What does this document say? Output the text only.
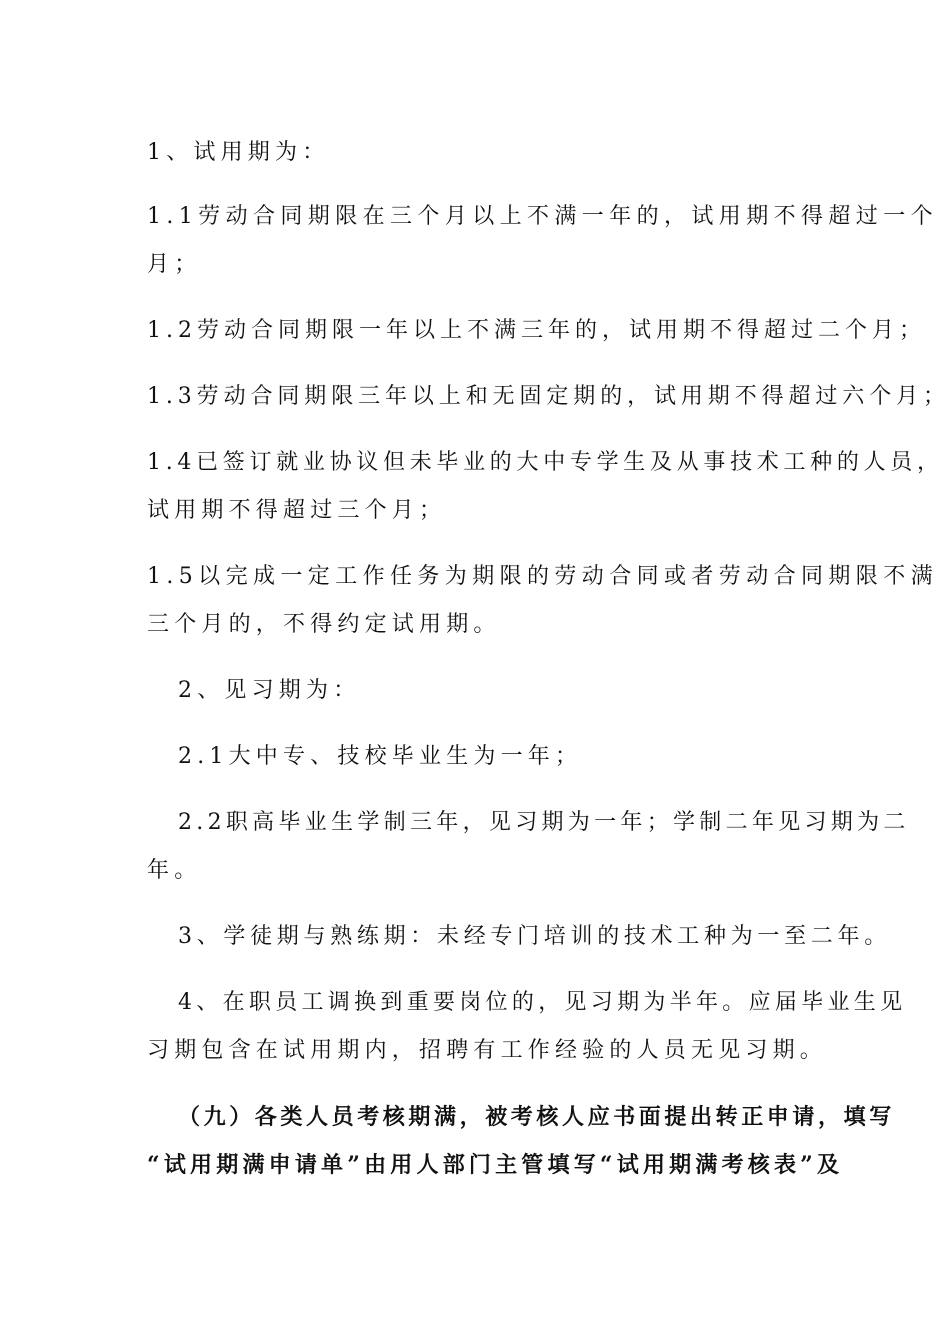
1、试用期为：
1.1劳动合同期限在三个月以上不满一年的，试用期不得超过一个
月；
1.2劳动合同期限一年以上不满三年的，试用期不得超过二个月；
1.3劳动合同期限三年以上和无固定期的，试用期不得超过六个月；
1.4已签订就业协议但未毕业的大中专学生及从事技术工种的人员，
试用期不得超过三个月；
1.5以完成一定工作任务为期限的劳动合同或者劳动合同期限不满
三个月的，不得约定试用期。
2、见习期为：
2.1大中专、技校毕业生为一年；
2.2职高毕业生学制三年，见习期为一年；学制二年见习期为二
年。
3、学徒期与熟练期：未经专门培训的技术工种为一至二年。
4、在职员工调换到重要岗位的，见习期为半年。应届毕业生见
习期包含在试用期内，招聘有工作经验的人员无见习期。
（九）各类人员考核期满，被考核人应书面提出转正申请，填写
“试用期满申请单”由用人部门主管填写“试用期满考核表”及
